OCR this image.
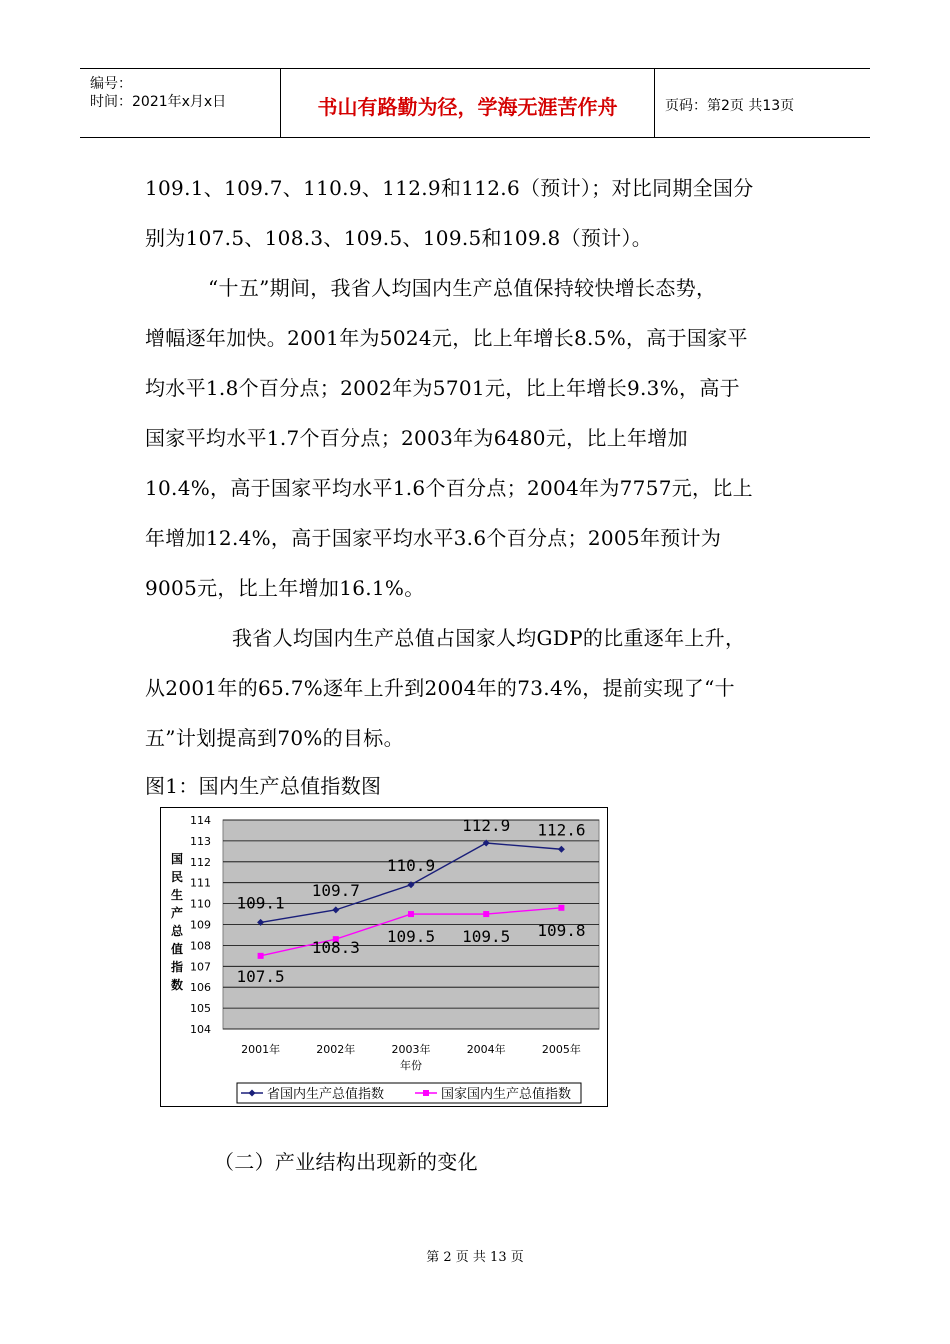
编号：
时间：2021年x月x日	书山有路勤为径，学海无涯苦作舟	页码：第2页 共13页
109.1、109.7、110.9、112.9和112.6（预计）；对比同期全国分
别为107.5、108.3、109.5、109.5和109.8（预计）。
“十五”期间，我省人均国内生产总值保持较快增长态势，
增幅逐年加快。2001年为5024元，比上年增长8.5%，高于国家平
均水平1.8个百分点；2002年为5701元，比上年增长9.3%，高于
国家平均水平1.7个百分点；2003年为6480元，比上年增加
10.4%，高于国家平均水平1.6个百分点；2004年为7757元，比上
年增加12.4%，高于国家平均水平3.6个百分点；2005年预计为
9005元，比上年增加16.1%。
我省人均国内生产总值占国家人均GDP的比重逐年上升，
从2001年的65.7%逐年上升到2004年的73.4%，提前实现了“十
五”计划提高到70%的目标。
图1：国内生产总值指数图
104
105
106
107
108
109
110
111
112
113
114
2001年	2002年	2003年	2004年	2005年
年份
国
民
生
产
总
值
指
数
109.1
109.7
110.9
112.9 112.6
107.5
108.3
109.5 109.5 109.8
省国内生产总值指数	国家国内生产总值指数
（二）产业结构出现新的变化
第 2 页 共 13 页
